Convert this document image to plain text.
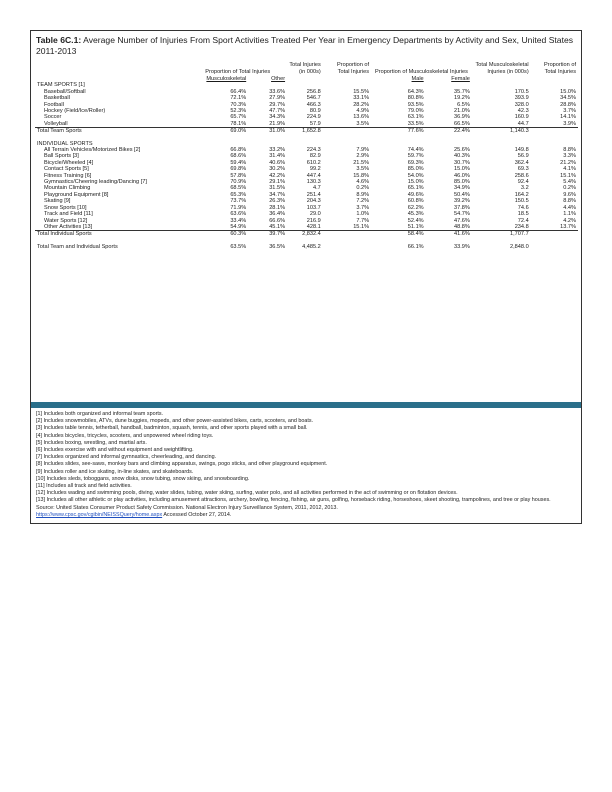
Table 6C.1: Average Number of Injuries From Sport Activities Treated Per Year in Emergency Departments by Activity and Sex, United States 2011-2013
	Proportion of Total Injuries		Total Injuries (in 000s)	Proportion of Total Injuries	Proportion of Musculoskeletal Injuries		Total Musculoskeletal Injuries (in 000s)	Proportion of Total Injuries
	Musculoskeletal	Other			Male	Female		
TEAM SPORTS [1]								
Baseball/Softball	66.4%	33.6%	256.8	15.5%	64.3%	35.7%	170.5	15.0%
Basketball	72.1%	27.9%	546.7	33.1%	80.8%	19.2%	393.9	34.5%
Football	70.3%	29.7%	466.3	28.2%	93.5%	6.5%	328.0	28.8%
Hockey (Field/Ice/Roller)	52.3%	47.7%	80.9	4.9%	79.0%	21.0%	42.3	3.7%
Soccer	65.7%	34.3%	224.9	13.6%	63.1%	36.9%	160.9	14.1%
Volleyball	78.1%	21.9%	57.9	3.5%	33.5%	66.5%	44.7	3.9%
Total Team Sports	69.0%	31.0%	1,652.8		77.6%	22.4%	1,140.3	

INDIVIDUAL SPORTS								
All Terrain Vehicles/Motorized Bikes [2]	66.8%	33.2%	224.3	7.9%	74.4%	25.6%	149.8	8.8%
Ball Sports [3]	68.6%	31.4%	82.9	2.9%	59.7%	40.3%	56.9	3.3%
Bicycle/Wheeled [4]	59.4%	40.6%	610.2	21.5%	69.3%	30.7%	362.4	21.2%
Contact Sports [5]	69.8%	30.2%	99.2	3.5%	85.0%	15.0%	69.3	4.1%
Fitness Training [6]	57.8%	42.2%	447.4	15.8%	54.0%	46.0%	258.6	15.1%
Gymnastics/Cheering leading/Dancing [7]	70.9%	29.1%	130.3	4.6%	15.0%	85.0%	92.4	5.4%
Mountain Climbing	68.5%	31.5%	4.7	0.2%	65.1%	34.9%	3.2	0.2%
Playground Equipment [8]	65.3%	34.7%	251.4	8.9%	49.6%	50.4%	164.2	9.6%
Skating [9]	73.7%	26.3%	204.3	7.2%	60.8%	39.2%	150.5	8.8%
Snow Sports [10]	71.9%	28.1%	103.7	3.7%	62.2%	37.8%	74.6	4.4%
Track and Field [11]	63.6%	36.4%	29.0	1.0%	45.3%	54.7%	18.5	1.1%
Water Sports [12]	33.4%	66.6%	216.9	7.7%	52.4%	47.6%	72.4	4.2%
Other Activities [13]	54.9%	45.1%	428.1	15.1%	51.1%	48.8%	234.8	13.7%
Total Individual Sports	60.3%	39.7%	2,832.4		58.4%	41.6%	1,707.7	

Total Team and Individual Sports	63.5%	36.5%	4,485.2		66.1%	33.9%	2,848.0	
[1] Includes both organized and informal team sports.
[2] Includes snowmobiles, ATVs, dune buggies, mopeds, and other power-assisted bikes, carts, scooters, and boats.
[3] Includes table tennis, tetherball, handball, badminton, squash, tennis, and other sports played with a small ball.
[4] Includes bicycles, tricycles, scooters, and unpowered wheel riding toys.
[5] Includes boxing, wrestling, and martial arts.
[6] Includes exercise with and without equipment and weightlifting.
[7] Includes organized and informal gymnastics, cheerleading, and dancing.
[8] Includes slides, see-saws, monkey bars and climbing apparatus, swings, pogo sticks, and other playground equipment.
[9] Includes roller and ice skating, in-line skates, and skateboards.
[10] Includes sleds, toboggans, snow disks, snow tubing, snow skiing, and snowboarding.
[11] Includes all track and field activities.
[12] Includes wading and swimming pools, diving, water slides, tubing, water skiing, surfing, water polo, and all activities performed in the act of swimming or on flotation devices.
[13] Includes all other athletic or play activities, including amusement attractions, archery, bowling, fencing, fishing, air guns, golfing, horseback riding, horseshoes, skeet shooting, trampolines, and tree or play houses.
Source: United States Consumer Product Safety Commission. National Electron Injury Surveillance System, 2011, 2012, 2013.
https://www.cpsc.gov/cgibin/NEISSQuery/home.aspx Accessed October 27, 2014.
